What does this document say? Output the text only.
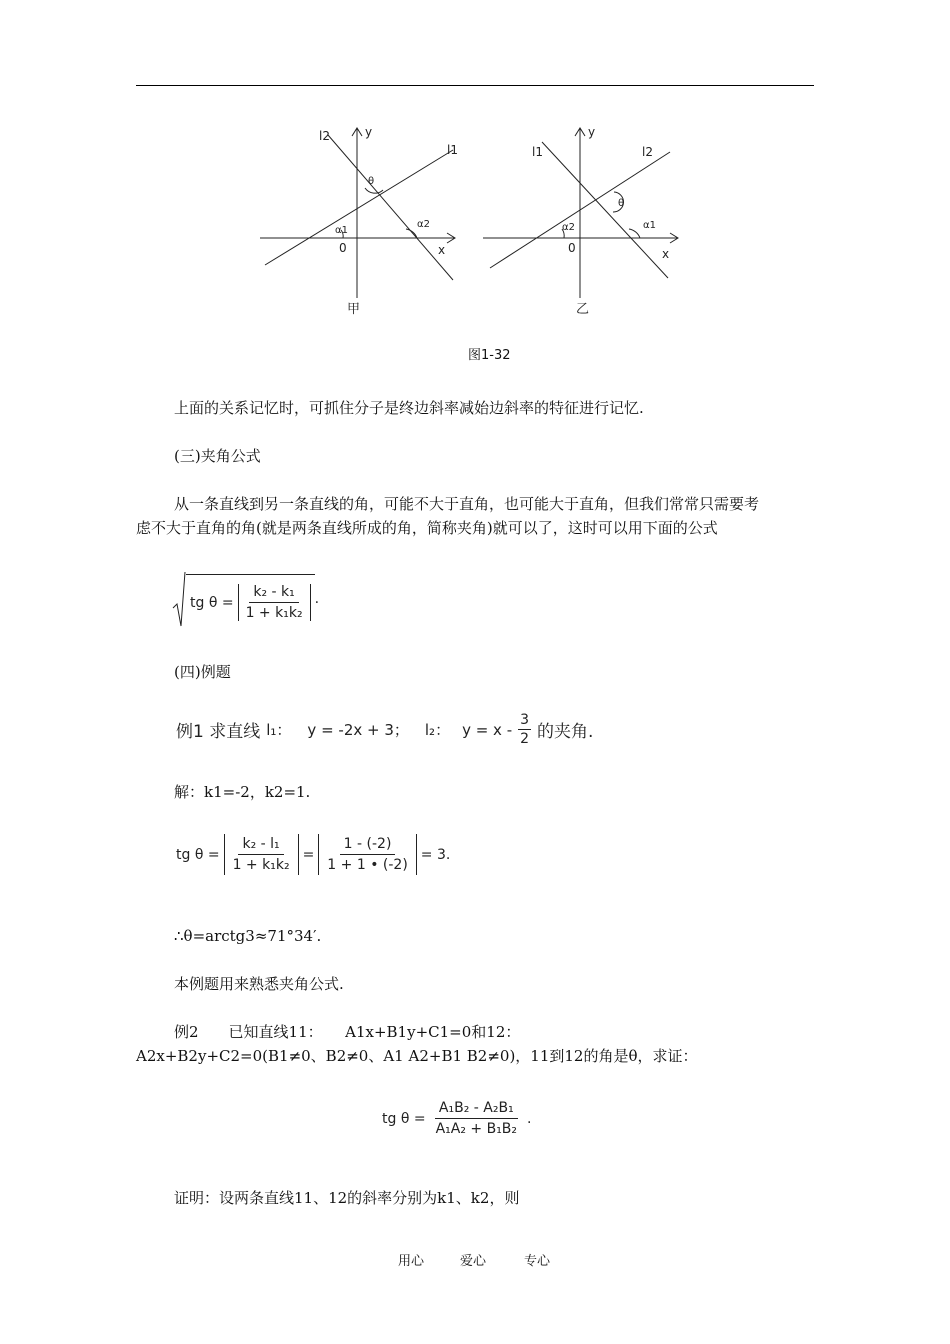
l2	y
l1
θ
α1
α2
0	x
甲
l1
y
l2
θ
α2	α1
0	x
乙
图1-32
上面的关系记忆时，可抓住分子是终边斜率减始边斜率的特征进行记忆.
(三)夹角公式
从一条直线到另一条直线的角，可能不大于直角，也可能大于直角，但我们常常只需要考
虑不大于直角的角(就是两条直线所成的角，简称夹角)就可以了，这时可以用下面的公式
tg $\theta = \frac{\text{k₂ - k₁}}{\text{1 + k₁k₂}}$ .
(四)例题
例1 求直线 l₁： y = -2x + 3； l₂： $y = x - \frac{3}{2}$ 的夹角.
解：k1=-2，k2=1.
tg $\theta = \frac{\text{k₂ - l₁}}{\text{1 + k₁k₂}} = \frac{1 - (-2)}{1 + 1 • (-2)} = 3$.
∴θ=arctg3≈71°34′.
本例题用来熟悉夹角公式.
例2　　已知直线11：　　A1x+B1y+C1=0和12：
A2x+B2y+C2=0(B1≠0、B2≠0、A1 A2+B1 B2≠0)，11到12的角是θ，求证：
tg $\theta = \frac{\text{A₁B₂ - A₂B₁}}{\text{A₁A₂ + B₁B₂}}$ .
证明：设两条直线11、12的斜率分别为k1、k2，则
用心	爱心	专心
